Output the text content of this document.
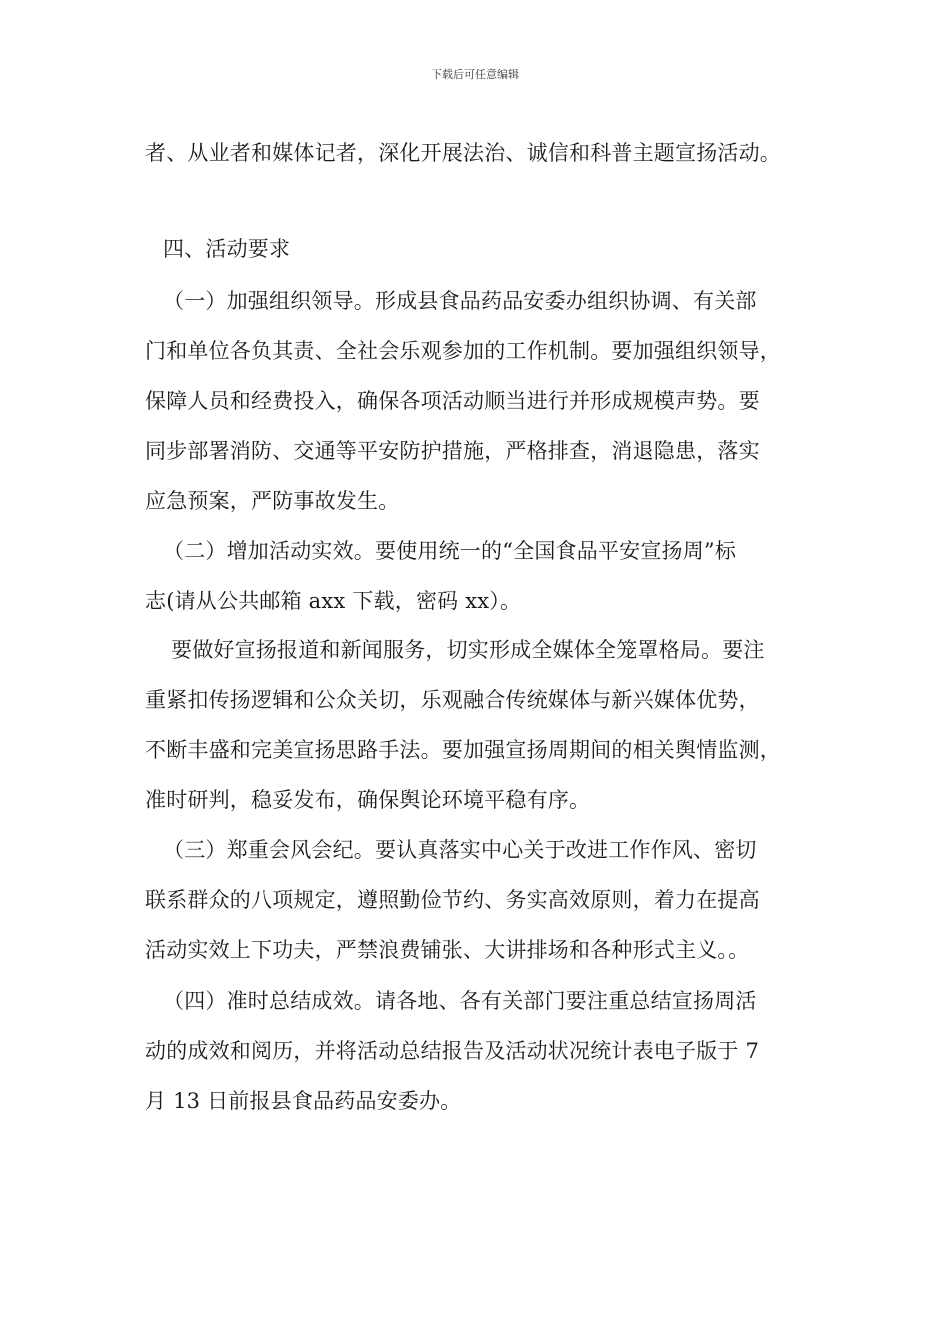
下载后可任意编辑
者、从业者和媒体记者，深化开展法治、诚信和科普主题宣扬活动。
四、活动要求
（一）加强组织领导。形成县食品药品安委办组织协调、有关部
门和单位各负其责、全社会乐观参加的工作机制。要加强组织领导，
保障人员和经费投入，确保各项活动顺当进行并形成规模声势。要
同步部署消防、交通等平安防护措施，严格排查，消退隐患，落实
应急预案，严防事故发生。
（二）增加活动实效。要使用统一的“全国食品平安宣扬周”标
志(请从公共邮箱 axx 下载，密码 xx）。
要做好宣扬报道和新闻服务，切实形成全媒体全笼罩格局。要注
重紧扣传扬逻辑和公众关切，乐观融合传统媒体与新兴媒体优势，
不断丰盛和完美宣扬思路手法。要加强宣扬周期间的相关舆情监测，
准时研判，稳妥发布，确保舆论环境平稳有序。
（三）郑重会风会纪。要认真落实中心关于改进工作作风、密切
联系群众的八项规定，遵照勤俭节约、务实高效原则，着力在提高
活动实效上下功夫，严禁浪费铺张、大讲排场和各种形式主义。。
（四）准时总结成效。请各地、各有关部门要注重总结宣扬周活
动的成效和阅历，并将活动总结报告及活动状况统计表电子版于 7
月 13 日前报县食品药品安委办。
